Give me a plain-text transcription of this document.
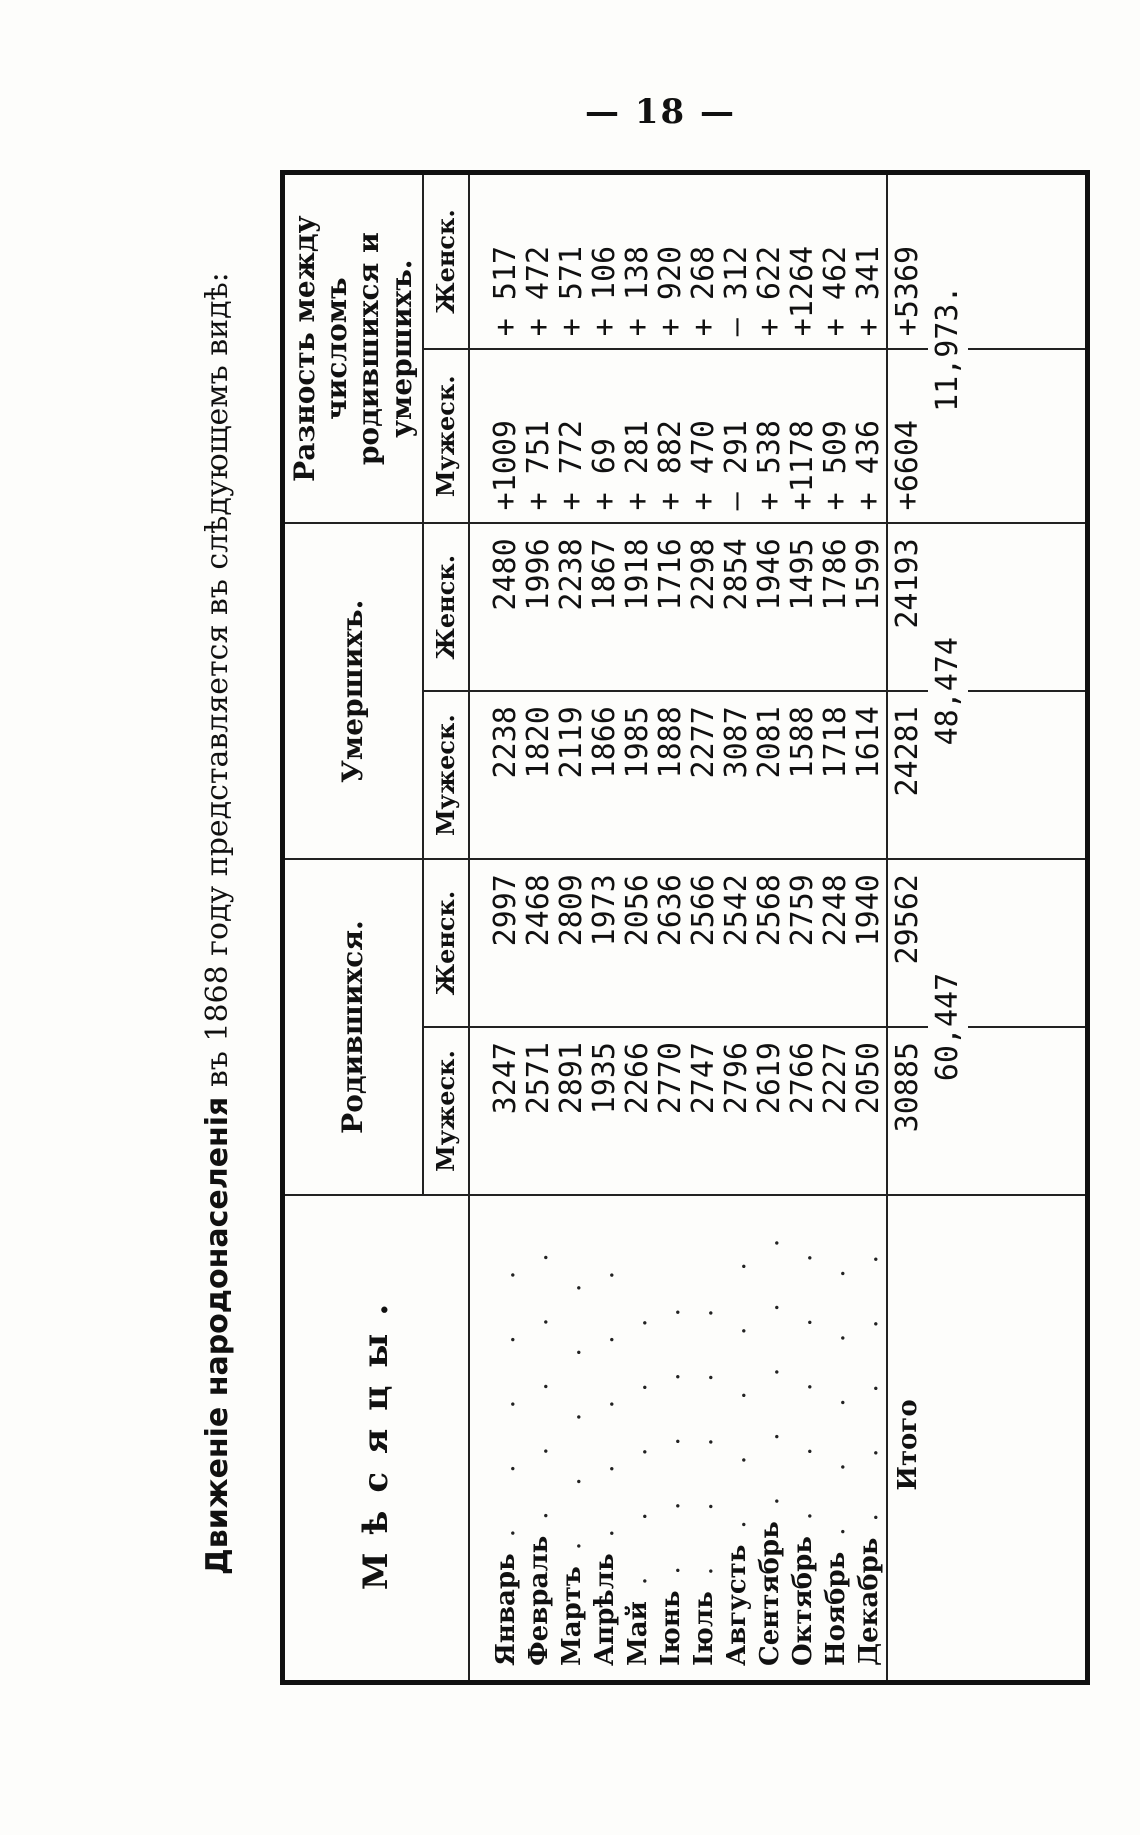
— 18 —
Движеніе народонаселенія въ 1868 году представляется въ слѣдующемъ видѣ:
Мѣсяцы.	Родившихся.		Умершихъ.		Разность между числомъ родившихся и умершихъ.	
	Мужеск.	Женск.	Мужеск.	Женск.	Мужеск.	Женск.
Январь. . . . .	3247	2997	2238	2480	+1009	+ 517
Февраль. . . . .	2571	2468	1820	1996	+ 751	+ 472
Мартъ. . . . .	2891	2809	2119	2238	+ 772	+ 571
Апрѣль. . . . .	1935	1973	1866	1867	+ 69	+ 106
Май. . . . .	2266	2056	1985	1918	+ 281	+ 138
Іюнь. . . . .	2770	2636	1888	1716	+ 882	+ 920
Іюль. . . . .	2747	2566	2277	2298	+ 470	+ 268
Августь. . . . .	2796	2542	3087	2854	— 291	— 312
Сентябрь. . . . .	2619	2568	2081	1946	+ 538	+ 622
Октябрь. . . . .	2766	2759	1588	1495	+1178	+1264
Ноябрь. . . . .	2227	2248	1718	1786	+ 509	+ 462
Декабрь. . . . .	2050	1940	1614	1599	+ 436	+ 341
Итого	30885	29562	24281	24193	+6604	+5369
	60,447		48,474		11,973.	
